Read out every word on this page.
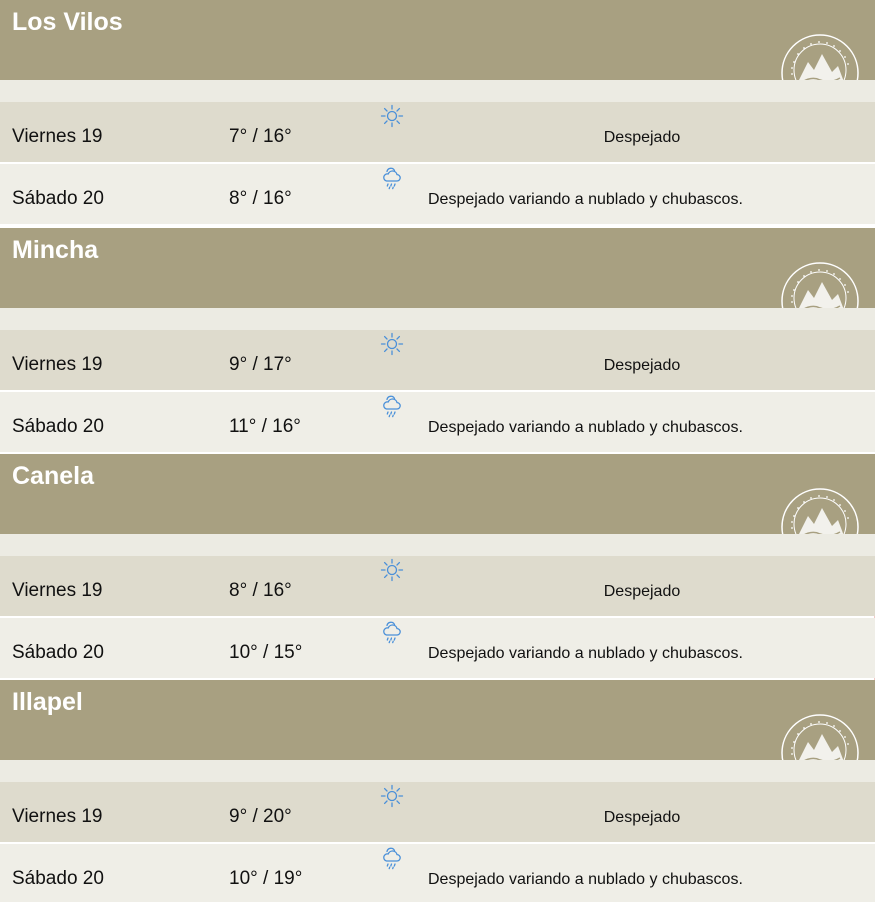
Los Vilos
Viernes 19	7° / 16°	Despejado
Sábado 20	8° / 16°	Despejado variando a nublado y chubascos.
Mincha
Viernes 19	9° / 17°	Despejado
Sábado 20	11° / 16°	Despejado variando a nublado y chubascos.
Canela
Viernes 19	8° / 16°	Despejado
Sábado 20	10° / 15°	Despejado variando a nublado y chubascos.
Illapel
Viernes 19	9° / 20°	Despejado
Sábado 20	10° / 19°	Despejado variando a nublado y chubascos.
